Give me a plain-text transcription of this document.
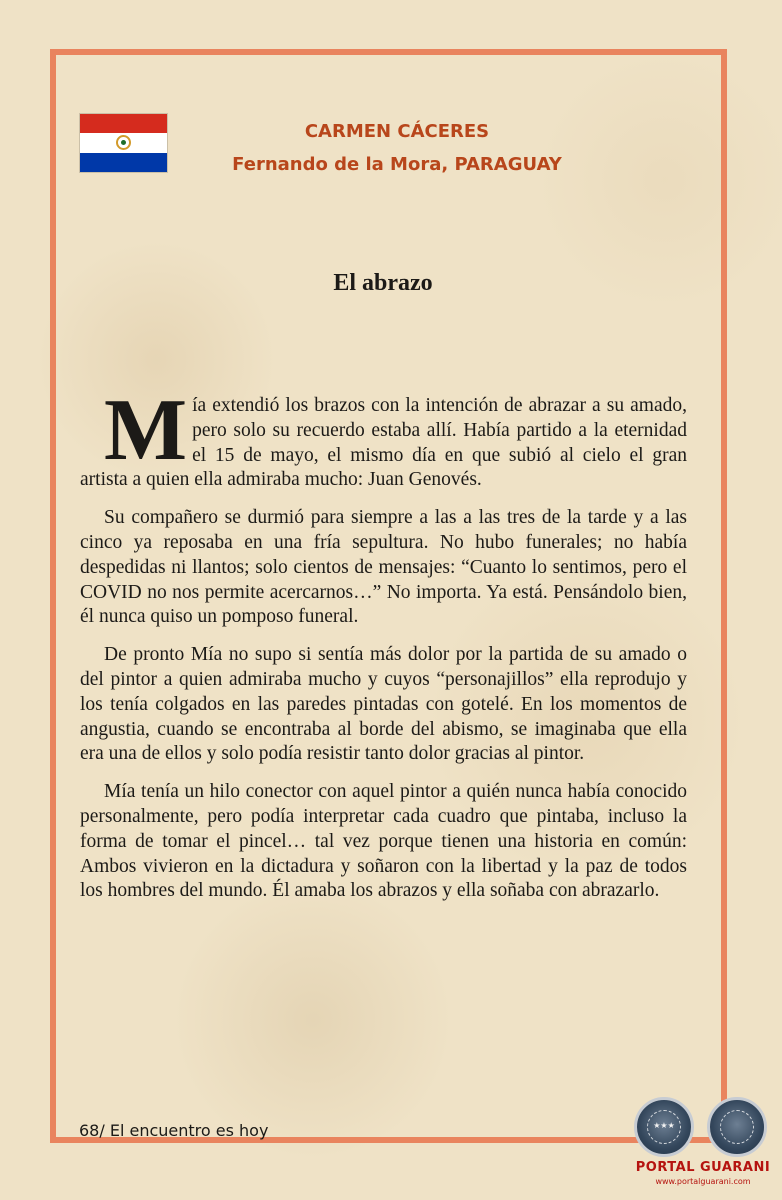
CARMEN CÁCERES
Fernando de la Mora, PARAGUAY
El abrazo

Mía extendió los brazos con la intención de abrazar a su amado, pero solo su recuerdo estaba allí. Había partido a la eternidad el 15 de mayo, el mismo día en que subió al cielo el gran artista a quien ella admiraba mucho: Juan Genovés.

Su compañero se durmió para siempre a las a las tres de la tarde y a las cinco ya reposaba en una fría sepultura. No hubo funerales; no había despedidas ni llantos; solo cientos de mensajes: “Cuanto lo sentimos, pero el COVID no nos permite acercarnos…” No importa. Ya está. Pensándolo bien, él nunca quiso un pomposo funeral.

De pronto Mía no supo si sentía más dolor por la partida de su amado o del pintor a quien admiraba mucho y cuyos “personajillos” ella reprodujo y los tenía colgados en las paredes pintadas con gotelé. En los momentos de angustia, cuando se encontraba al borde del abismo, se imaginaba que ella era una de ellos y solo podía resistir tanto dolor gracias al pintor.

Mía tenía un hilo conector con aquel pintor a quién nunca había conocido personalmente, pero podía interpretar cada cuadro que pintaba, incluso la forma de tomar el pincel… tal vez porque tienen una historia en común: Ambos vivieron en la dictadura y soñaron con la libertad y la paz de todos los hombres del mundo. Él amaba los abrazos y ella soñaba con abrazarlo.

68/ El encuentro es hoy	★★★
PORTAL GUARANI
www.portalguarani.com
